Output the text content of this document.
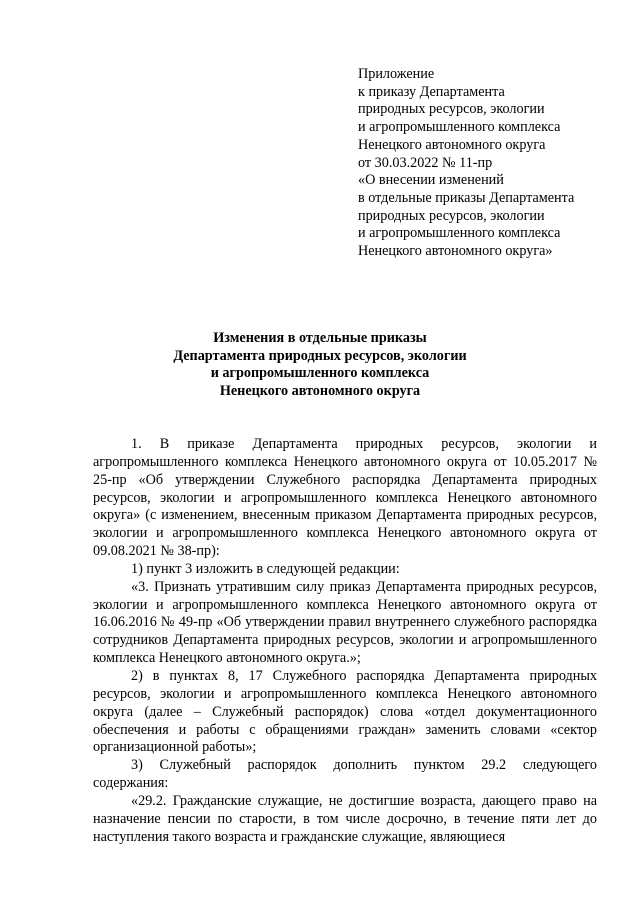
Приложение
к приказу Департамента
природных ресурсов, экологии
и агропромышленного комплекса
Ненецкого автономного округа
от 30.03.2022 № 11-пр
«О внесении изменений
в отдельные приказы Департамента
природных ресурсов, экологии
и агропромышленного комплекса
Ненецкого автономного округа»
Изменения в отдельные приказы
Департамента природных ресурсов, экологии
и агропромышленного комплекса
Ненецкого автономного округа

1. В приказе Департамента природных ресурсов, экологии и агропромышленного комплекса Ненецкого автономного округа от 10.05.2017 № 25-пр «Об утверждении Служебного распорядка Департамента природных ресурсов, экологии и агропромышленного комплекса Ненецкого автономного округа» (с изменением, внесенным приказом Департамента природных ресурсов, экологии и агропромышленного комплекса Ненецкого автономного округа от 09.08.2021 № 38-пр):

1) пункт 3 изложить в следующей редакции:

«3. Признать утратившим силу приказ Департамента природных ресурсов, экологии и агропромышленного комплекса Ненецкого автономного округа от 16.06.2016 № 49-пр «Об утверждении правил внутреннего служебного распорядка сотрудников Департамента природных ресурсов, экологии и агропромышленного комплекса Ненецкого автономного округа.»;

2) в пунктах 8, 17 Служебного распорядка Департамента природных ресурсов, экологии и агропромышленного комплекса Ненецкого автономного округа (далее – Служебный распорядок) слова «отдел документационного обеспечения и работы с обращениями граждан» заменить словами «сектор организационной работы»;

3) Служебный распорядок дополнить пунктом 29.2 следующего содержания:

«29.2. Гражданские служащие, не достигшие возраста, дающего право на назначение пенсии по старости, в том числе досрочно, в течение пяти лет до наступления такого возраста и гражданские служащие, являющиеся
